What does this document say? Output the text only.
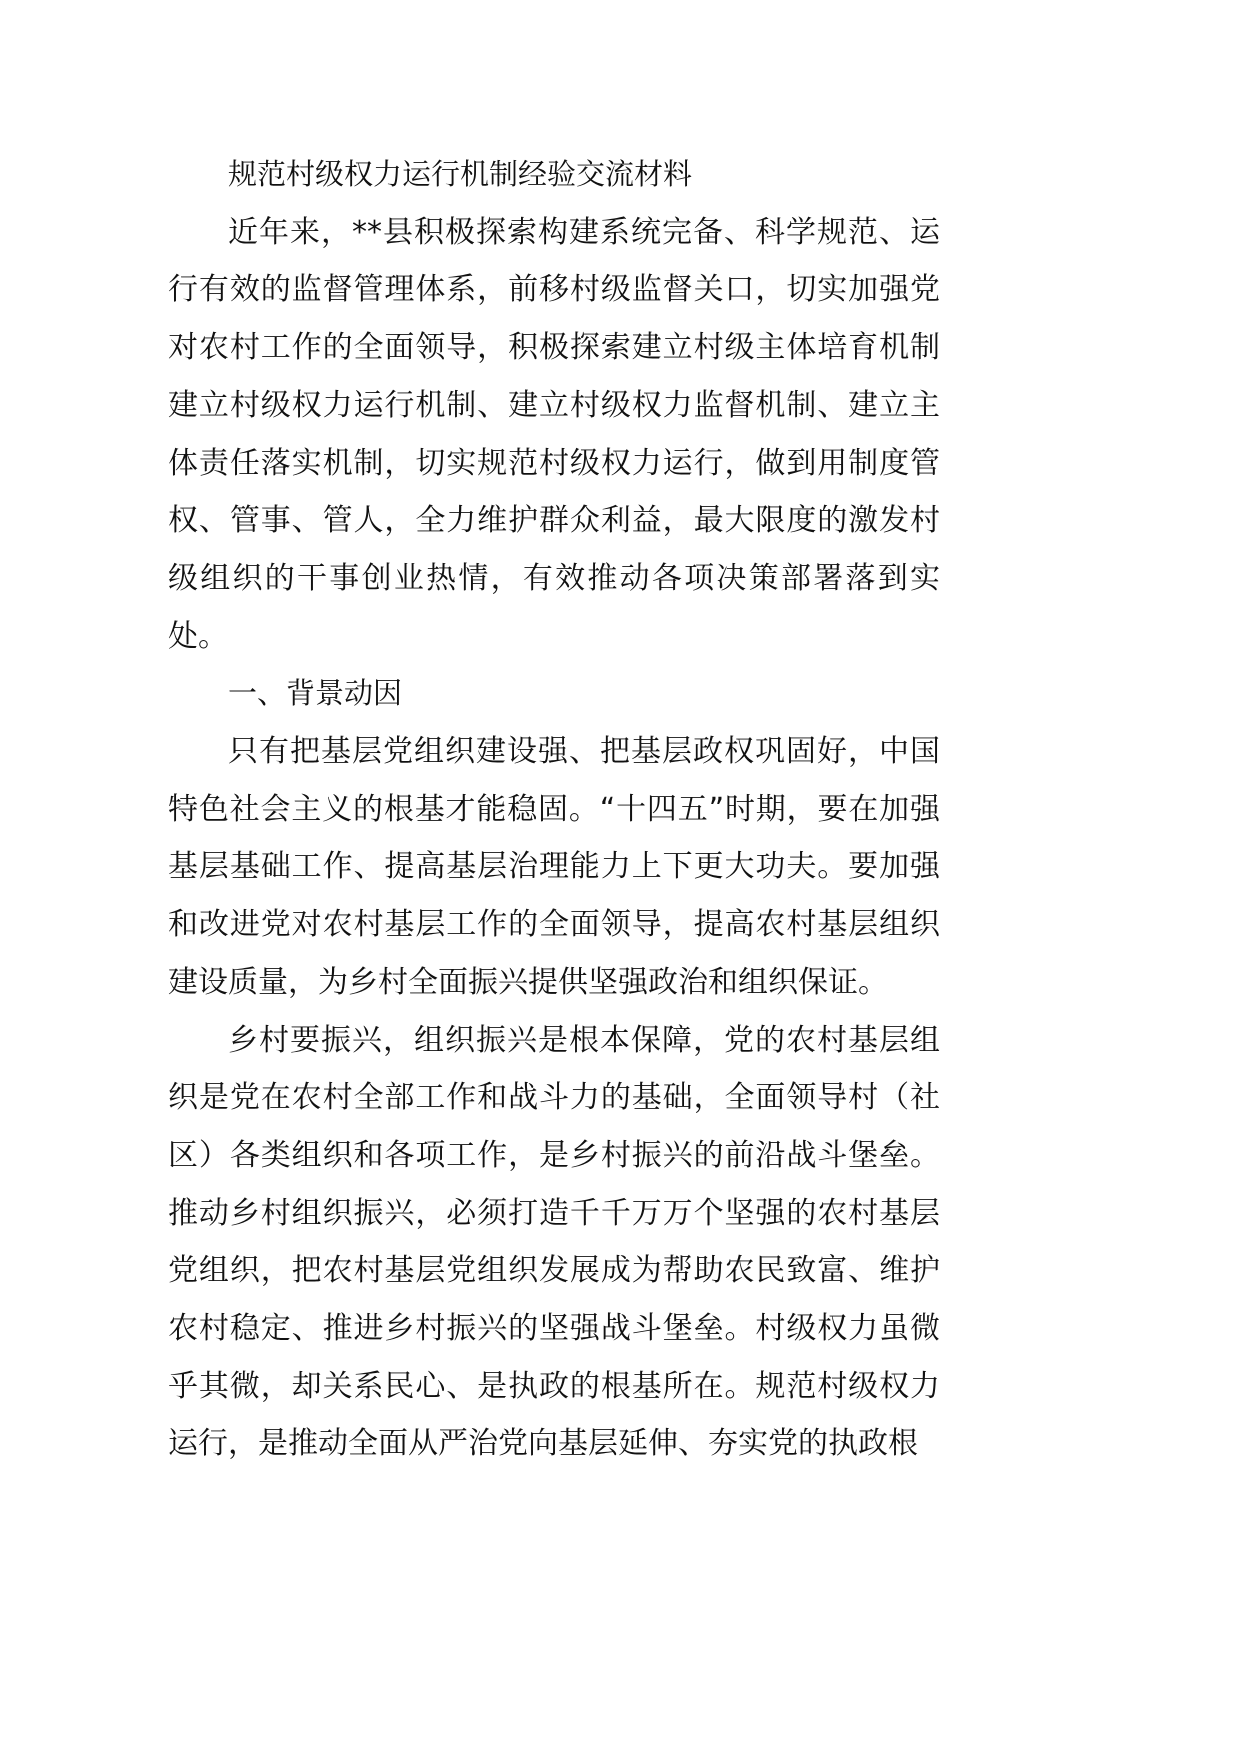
规范村级权力运行机制经验交流材料

近年来，**县积极探索构建系统完备、科学规范、运行有效的监督管理体系，前移村级监督关口，切实加强党对农村工作的全面领导，积极探索建立村级主体培育机制建立村级权力运行机制、建立村级权力监督机制、建立主体责任落实机制，切实规范村级权力运行，做到用制度管权、管事、管人，全力维护群众利益，最大限度的激发村级组织的干事创业热情，有效推动各项决策部署落到实处。

一、背景动因

只有把基层党组织建设强、把基层政权巩固好，中国特色社会主义的根基才能稳固。“十四五”时期，要在加强基层基础工作、提高基层治理能力上下更大功夫。要加强和改进党对农村基层工作的全面领导，提高农村基层组织建设质量，为乡村全面振兴提供坚强政治和组织保证。

乡村要振兴，组织振兴是根本保障，党的农村基层组织是党在农村全部工作和战斗力的基础，全面领导村（社区）各类组织和各项工作，是乡村振兴的前沿战斗堡垒。推动乡村组织振兴，必须打造千千万万个坚强的农村基层党组织，把农村基层党组织发展成为帮助农民致富、维护农村稳定、推进乡村振兴的坚强战斗堡垒。村级权力虽微乎其微，却关系民心、是执政的根基所在。规范村级权力运行，是推动全面从严治党向基层延伸、夯实党的执政根
